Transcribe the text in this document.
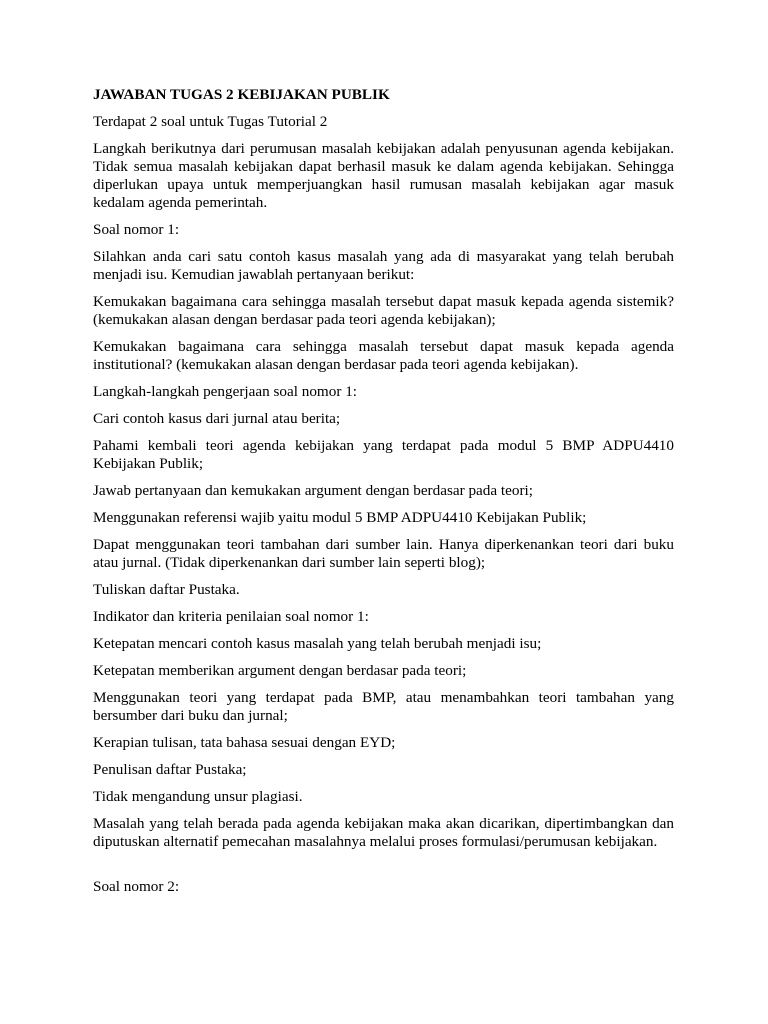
JAWABAN TUGAS 2 KEBIJAKAN PUBLIK
Terdapat 2 soal untuk Tugas Tutorial 2
Langkah berikutnya dari perumusan masalah kebijakan adalah penyusunan agenda kebijakan. Tidak semua masalah kebijakan dapat berhasil masuk ke dalam agenda kebijakan. Sehingga diperlukan upaya untuk memperjuangkan hasil rumusan masalah kebijakan agar masuk kedalam agenda pemerintah.
Soal nomor 1:
Silahkan anda cari satu contoh kasus masalah yang ada di masyarakat yang telah berubah menjadi isu. Kemudian jawablah pertanyaan berikut:
Kemukakan bagaimana cara sehingga masalah tersebut dapat masuk kepada agenda sistemik? (kemukakan alasan dengan berdasar pada teori agenda kebijakan);
Kemukakan bagaimana cara sehingga masalah tersebut dapat masuk kepada agenda institutional? (kemukakan alasan dengan berdasar pada teori agenda kebijakan).
Langkah-langkah pengerjaan soal nomor 1:
Cari contoh kasus dari jurnal atau berita;
Pahami kembali teori agenda kebijakan yang terdapat pada modul 5 BMP ADPU4410 Kebijakan Publik;
Jawab pertanyaan dan kemukakan argument dengan berdasar pada teori;
Menggunakan referensi wajib yaitu modul 5 BMP ADPU4410 Kebijakan Publik;
Dapat menggunakan teori tambahan dari sumber lain. Hanya diperkenankan teori dari buku atau jurnal. (Tidak diperkenankan dari sumber lain seperti blog);
Tuliskan daftar Pustaka.
Indikator dan kriteria penilaian soal nomor 1:
Ketepatan mencari contoh kasus masalah yang telah berubah menjadi isu;
Ketepatan memberikan argument dengan berdasar pada teori;
Menggunakan teori yang terdapat pada BMP, atau menambahkan teori tambahan yang bersumber dari buku dan jurnal;
Kerapian tulisan, tata bahasa sesuai dengan EYD;
Penulisan daftar Pustaka;
Tidak mengandung unsur plagiasi.
Masalah yang telah berada pada agenda kebijakan maka akan dicarikan, dipertimbangkan dan diputuskan alternatif pemecahan masalahnya melalui proses formulasi/perumusan kebijakan.
Soal nomor 2:
